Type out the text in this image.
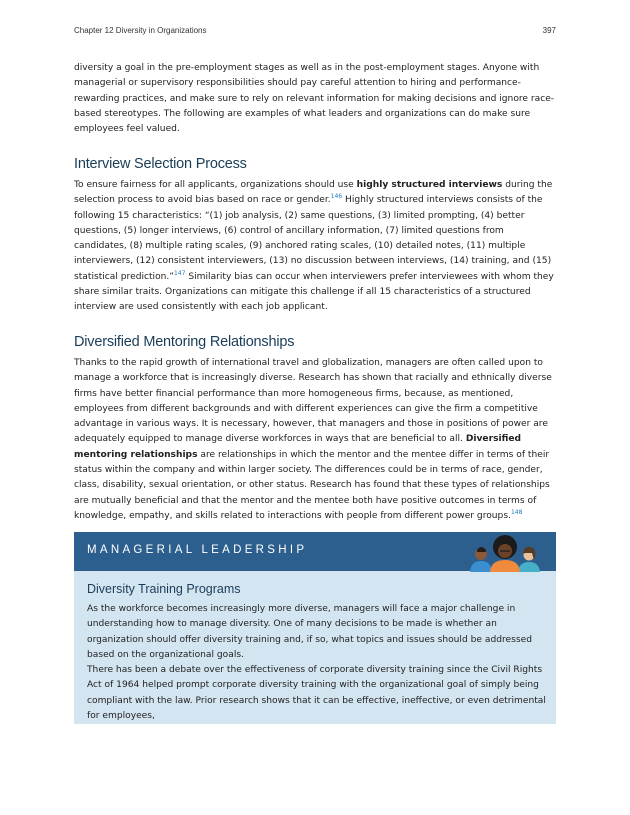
Chapter 12 Diversity in Organizations	397

diversity a goal in the pre-employment stages as well as in the post-employment stages. Anyone with managerial or supervisory responsibilities should pay careful attention to hiring and performance-rewarding practices, and make sure to rely on relevant information for making decisions and ignore race-based stereotypes. The following are examples of what leaders and organizations can do make sure employees feel valued.

Interview Selection Process

To ensure fairness for all applicants, organizations should use highly structured interviews during the selection process to avoid bias based on race or gender.$^{146}$ Highly structured interviews consists of the following 15 characteristics: “(1) job analysis, (2) same questions, (3) limited prompting, (4) better questions, (5) longer interviews, (6) control of ancillary information, (7) limited questions from candidates, (8) multiple rating scales, (9) anchored rating scales, (10) detailed notes, (11) multiple interviewers, (12) consistent interviewers, (13) no discussion between interviews, (14) training, and (15) statistical prediction.”$^{147}$ Similarity bias can occur when interviewers prefer interviewees with whom they share similar traits. Organizations can mitigate this challenge if all 15 characteristics of a structured interview are used consistently with each job applicant.

Diversified Mentoring Relationships

Thanks to the rapid growth of international travel and globalization, managers are often called upon to manage a workforce that is increasingly diverse. Research has shown that racially and ethnically diverse firms have better financial performance than more homogeneous firms, because, as mentioned, employees from different backgrounds and with different experiences can give the firm a competitive advantage in various ways. It is necessary, however, that managers and those in positions of power are adequately equipped to manage diverse workforces in ways that are beneficial to all. Diversified mentoring relationships are relationships in which the mentor and the mentee differ in terms of their status within the company and within larger society. The differences could be in terms of race, gender, class, disability, sexual orientation, or other status. Research has found that these types of relationships are mutually beneficial and that the mentor and the mentee both have positive outcomes in terms of knowledge, empathy, and skills related to interactions with people from different power groups.$^{148}$

MANAGERIAL LEADERSHIP
Diversity Training Programs

As the workforce becomes increasingly more diverse, managers will face a major challenge in understanding how to manage diversity. One of many decisions to be made is whether an organization should offer diversity training and, if so, what topics and issues should be addressed based on the organizational goals.

There has been a debate over the effectiveness of corporate diversity training since the Civil Rights Act of 1964 helped prompt corporate diversity training with the organizational goal of simply being compliant with the law. Prior research shows that it can be effective, ineffective, or even detrimental for employees,
